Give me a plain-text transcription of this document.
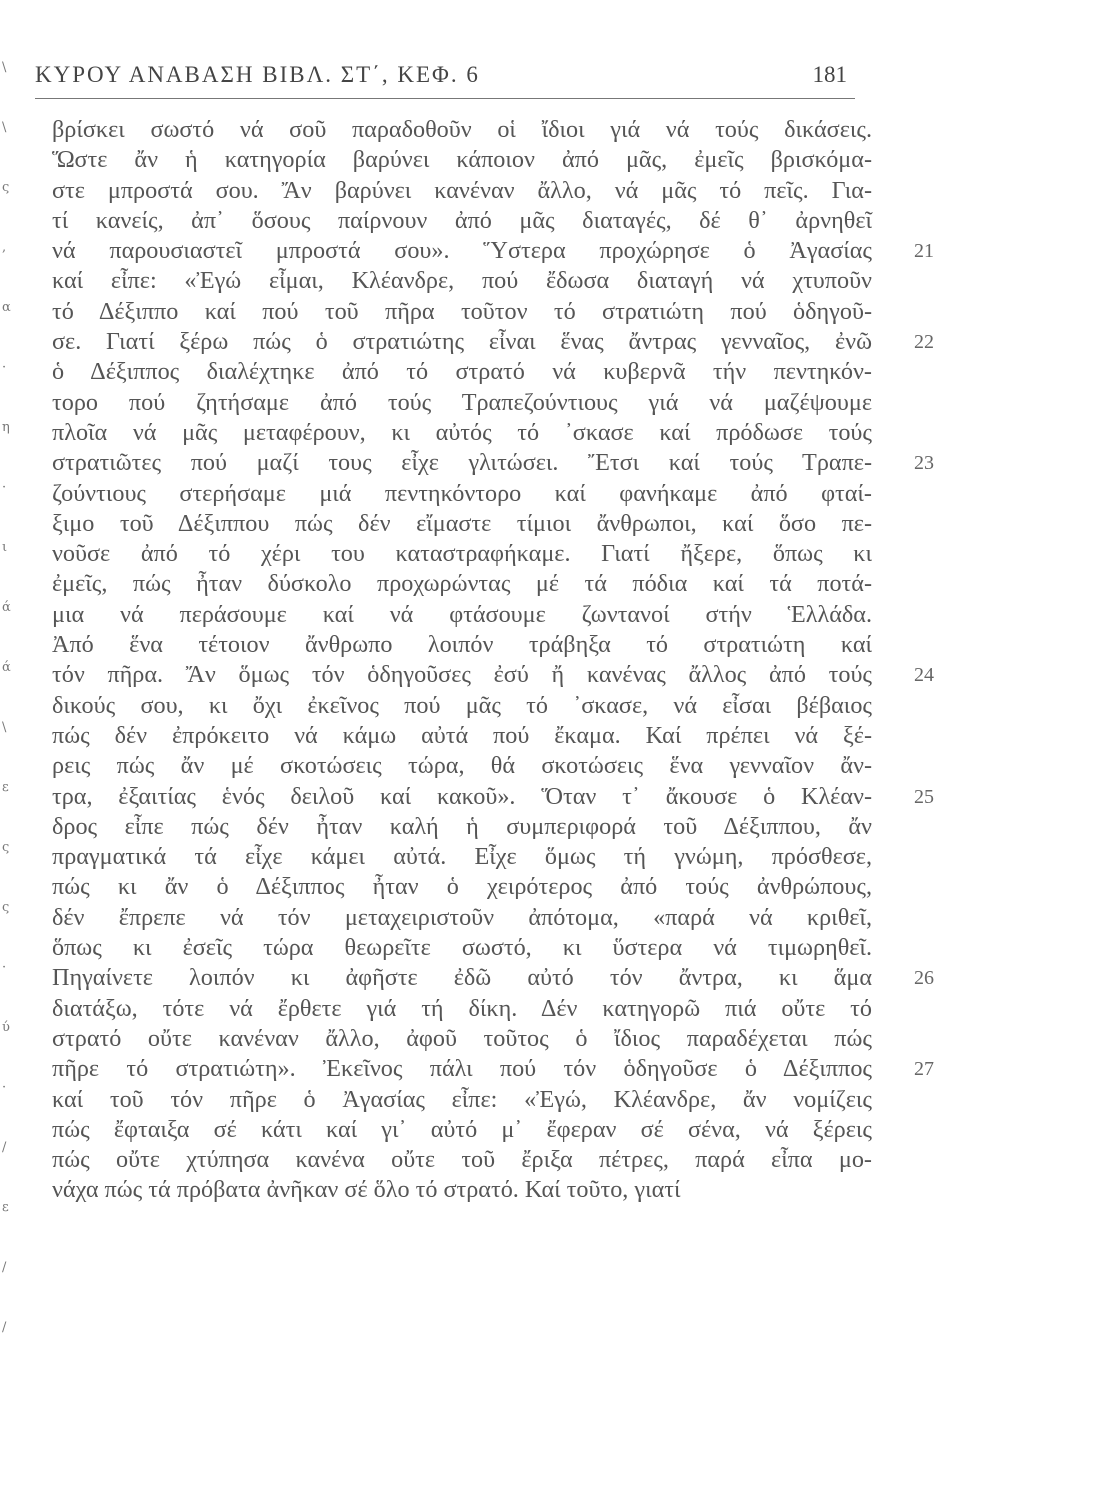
\
\
ς
,
α
·
η
·
ι
ά
ά
\
ε
ς
ς
·
ύ
·
/
ε
/
/
ΚΥΡΟΥ ΑΝΑΒΑΣΗ ΒΙΒΛ. ΣΤ΄, ΚΕΦ. 6	181
βρίσκει σωστό νά σοῦ παραδοθοῦν οἱ ἴδιοι γιά νά τούς δικάσεις.
Ὥστε ἄν ἡ κατηγορία βαρύνει κάποιον ἀπό μᾶς, ἐμεῖς βρισκόμα-
στε μπροστά σου. Ἄν βαρύνει κανέναν ἄλλο, νά μᾶς τό πεῖς. Για-
τί κανείς, ἀπ᾽ ὅσους παίρνουν ἀπό μᾶς διαταγές, δέ θ᾽ ἀρνηθεῖ
νά παρουσιαστεῖ μπροστά σου». Ὕστερα προχώρησε ὁ Ἀγασίας 21
καί εἶπε: «Ἐγώ εἶμαι, Κλέανδρε, πού ἔδωσα διαταγή νά χτυποῦν
τό Δέξιππο καί πού τοῦ πῆρα τοῦτον τό στρατιώτη πού ὁδηγοῦ-
σε. Γιατί ξέρω πώς ὁ στρατιώτης εἶναι ἕνας ἄντρας γενναῖος, ἐνῶ 22
ὁ Δέξιππος διαλέχτηκε ἀπό τό στρατό νά κυβερνᾶ τήν πεντηκόν-
τορο πού ζητήσαμε ἀπό τούς Τραπεζούντιους γιά νά μαζέψουμε
πλοῖα νά μᾶς μεταφέρουν, κι αὐτός τό ᾽σκασε καί πρόδωσε τούς
στρατιῶτες πού μαζί τους εἶχε γλιτώσει. Ἔτσι καί τούς Τραπε- 23
ζούντιους στερήσαμε μιά πεντηκόντορο καί φανήκαμε ἀπό φταί-
ξιμο τοῦ Δέξιππου πώς δέν εἴμαστε τίμιοι ἄνθρωποι, καί ὅσο πε-
νοῦσε ἀπό τό χέρι του καταστραφήκαμε. Γιατί ἤξερε, ὅπως κι
ἐμεῖς, πώς ἦταν δύσκολο προχωρώντας μέ τά πόδια καί τά ποτά-
μια νά περάσουμε καί νά φτάσουμε ζωντανοί στήν Ἑλλάδα.
Ἀπό ἕνα τέτοιον ἄνθρωπο λοιπόν τράβηξα τό στρατιώτη καί
τόν πῆρα. Ἄν ὅμως τόν ὁδηγοῦσες ἐσύ ἤ κανένας ἄλλος ἀπό τούς 24
δικούς σου, κι ὄχι ἐκεῖνος πού μᾶς τό ᾽σκασε, νά εἶσαι βέβαιος
πώς δέν ἐπρόκειτο νά κάμω αὐτά πού ἔκαμα. Καί πρέπει νά ξέ-
ρεις πώς ἄν μέ σκοτώσεις τώρα, θά σκοτώσεις ἕνα γενναῖον ἄν-
τρα, ἐξαιτίας ἑνός δειλοῦ καί κακοῦ». Ὅταν τ᾽ ἄκουσε ὁ Κλέαν- 25
δρος εἶπε πώς δέν ἦταν καλή ἡ συμπεριφορά τοῦ Δέξιππου, ἄν
πραγματικά τά εἶχε κάμει αὐτά. Εἶχε ὅμως τή γνώμη, πρόσθεσε,
πώς κι ἄν ὁ Δέξιππος ἦταν ὁ χειρότερος ἀπό τούς ἀνθρώπους,
δέν ἔπρεπε νά τόν μεταχειριστοῦν ἀπότομα, «παρά νά κριθεῖ,
ὅπως κι ἐσεῖς τώρα θεωρεῖτε σωστό, κι ὕστερα νά τιμωρηθεῖ.
Πηγαίνετε λοιπόν κι ἀφῆστε ἐδῶ αὐτό τόν ἄντρα, κι ἅμα 26
διατάξω, τότε νά ἔρθετε γιά τή δίκη. Δέν κατηγορῶ πιά οὔτε τό
στρατό οὔτε κανέναν ἄλλο, ἀφοῦ τοῦτος ὁ ἴδιος παραδέχεται πώς
πῆρε τό στρατιώτη». Ἐκεῖνος πάλι πού τόν ὁδηγοῦσε ὁ Δέξιππος 27
καί τοῦ τόν πῆρε ὁ Ἀγασίας εἶπε: «Ἐγώ, Κλέανδρε, ἄν νομίζεις
πώς ἔφταιξα σέ κάτι καί γι᾽ αὐτό μ᾽ ἔφεραν σέ σένα, νά ξέρεις
πώς οὔτε χτύπησα κανένα οὔτε τοῦ ἔριξα πέτρες, παρά εἶπα μο-
νάχα πώς τά πρόβατα ἀνῆκαν σέ ὅλο τό στρατό. Καί τοῦτο, γιατί
